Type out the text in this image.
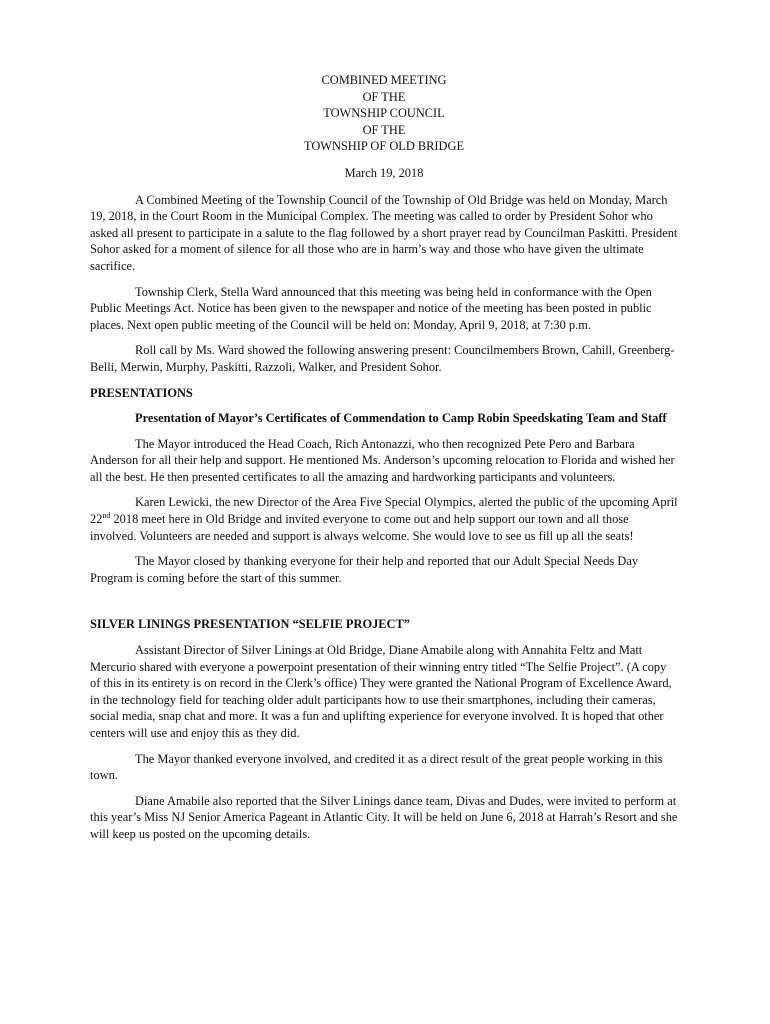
COMBINED MEETING
OF THE
TOWNSHIP COUNCIL
OF THE
TOWNSHIP OF OLD BRIDGE
March 19, 2018

A Combined Meeting of the Township Council of the Township of Old Bridge was held on Monday, March 19, 2018, in the Court Room in the Municipal Complex. The meeting was called to order by President Sohor who asked all present to participate in a salute to the flag followed by a short prayer read by Councilman Paskitti. President Sohor asked for a moment of silence for all those who are in harm’s way and those who have given the ultimate sacrifice.

Township Clerk, Stella Ward announced that this meeting was being held in conformance with the Open Public Meetings Act. Notice has been given to the newspaper and notice of the meeting has been posted in public places. Next open public meeting of the Council will be held on: Monday, April 9, 2018, at 7:30 p.m.

Roll call by Ms. Ward showed the following answering present: Councilmembers Brown, Cahill, Greenberg-Belli, Merwin, Murphy, Paskitti, Razzoli, Walker, and President Sohor.

PRESENTATIONS
Presentation of Mayor’s Certificates of Commendation to Camp Robin Speedskating Team and Staff

The Mayor introduced the Head Coach, Rich Antonazzi, who then recognized Pete Pero and Barbara Anderson for all their help and support. He mentioned Ms. Anderson’s upcoming relocation to Florida and wished her all the best. He then presented certificates to all the amazing and hardworking participants and volunteers.

Karen Lewicki, the new Director of the Area Five Special Olympics, alerted the public of the upcoming April 22nd 2018 meet here in Old Bridge and invited everyone to come out and help support our town and all those involved. Volunteers are needed and support is always welcome. She would love to see us fill up all the seats!

The Mayor closed by thanking everyone for their help and reported that our Adult Special Needs Day Program is coming before the start of this summer.

SILVER LININGS PRESENTATION “SELFIE PROJECT”

Assistant Director of Silver Linings at Old Bridge, Diane Amabile along with Annahita Feltz and Matt Mercurio shared with everyone a powerpoint presentation of their winning entry titled “The Selfie Project”. (A copy of this in its entirety is on record in the Clerk’s office) They were granted the National Program of Excellence Award, in the technology field for teaching older adult participants how to use their smartphones, including their cameras, social media, snap chat and more. It was a fun and uplifting experience for everyone involved. It is hoped that other centers will use and enjoy this as they did.

The Mayor thanked everyone involved, and credited it as a direct result of the great people working in this town.

Diane Amabile also reported that the Silver Linings dance team, Divas and Dudes, were invited to perform at this year’s Miss NJ Senior America Pageant in Atlantic City. It will be held on June 6, 2018 at Harrah’s Resort and she will keep us posted on the upcoming details.
